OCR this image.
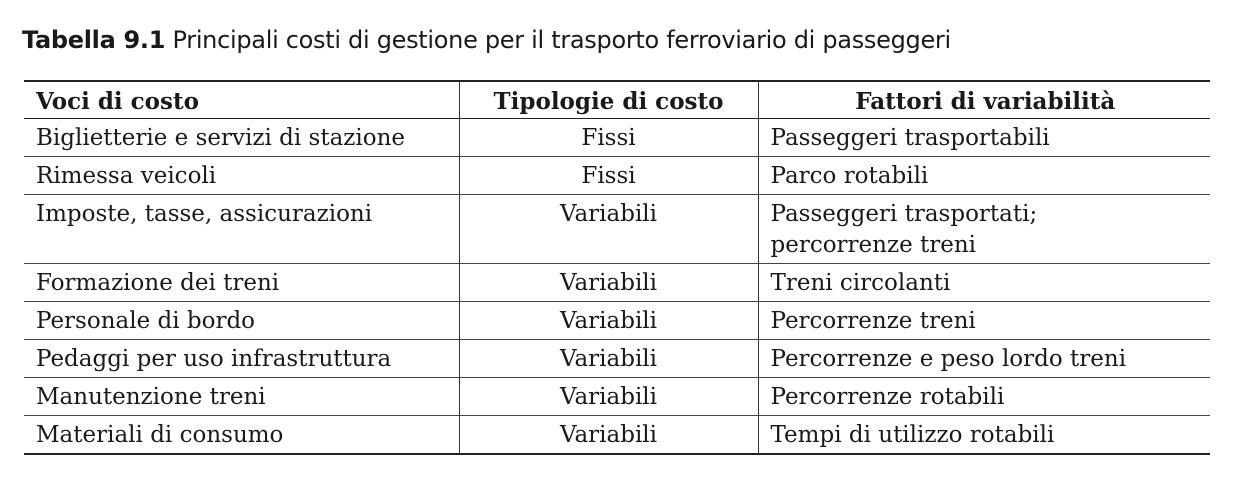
Tabella 9.1 Principali costi di gestione per il trasporto ferroviario di passeggeri
Voci di costo	Tipologie di costo	Fattori di variabilità
Biglietterie e servizi di stazione	Fissi	Passeggeri trasportabili

Rimessa veicoli	Fissi	Parco rotabili

Imposte, tasse, assicurazioni	Variabili	Passeggeri trasportati;
percorrenze treni

Formazione dei treni	Variabili	Treni circolanti

Personale di bordo	Variabili	Percorrenze treni

Pedaggi per uso infrastruttura	Variabili	Percorrenze e peso lordo treni

Manutenzione treni	Variabili	Percorrenze rotabili

Materiali di consumo	Variabili	Tempi di utilizzo rotabili
